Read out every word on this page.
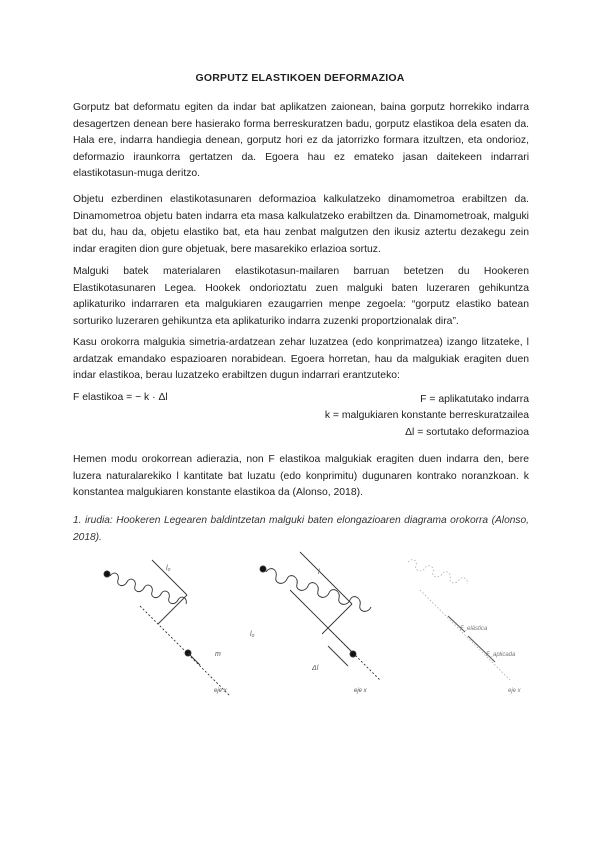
GORPUTZ ELASTIKOEN DEFORMAZIOA

Gorputz bat deformatu egiten da indar bat aplikatzen zaionean, baina gorputz horrekiko indarra desagertzen denean bere hasierako forma berreskuratzen badu, gorputz elastikoa dela esaten da. Hala ere, indarra handiegia denean, gorputz hori ez da jatorrizko formara itzultzen, eta ondorioz, deformazio iraunkorra gertatzen da. Egoera hau ez emateko jasan daitekeen indarrari elastikotasun-muga deritzo.

Objetu ezberdinen elastikotasunaren deformazioa kalkulatzeko dinamometroa erabiltzen da. Dinamometroa objetu baten indarra eta masa kalkulatzeko erabiltzen da. Dinamometroak, malguki bat du, hau da, objetu elastiko bat, eta hau zenbat malgutzen den ikusiz aztertu dezakegu zein indar eragiten dion gure objetuak, bere masarekiko erlazioa sortuz.

Malguki batek materialaren elastikotasun-mailaren barruan betetzen du Hookeren Elastikotasunaren Legea. Hookek ondorioztatu zuen malguki baten luzeraren gehikuntza aplikaturiko indarraren eta malgukiaren ezaugarrien menpe zegoela: “gorputz elastiko batean sorturiko luzeraren gehikuntza eta aplikaturiko indarra zuzenki proportzionalak dira”.

Kasu orokorra malgukia simetria-ardatzean zehar luzatzea (edo konprimatzea) izango litzateke, l ardatzak emandako espazioaren norabidean. Egoera horretan, hau da malgukiak eragiten duen indar elastikoa, berau luzatzeko erabiltzen dugun indarrari erantzuteko:

F elastikoa = − k · Δl	F = aplikatutako indarra
k = malgukiaren konstante berreskuratzailea
Δl = sortutako deformazioa

Hemen modu orokorrean adierazia, non F elastikoa malgukiak eragiten duen indarra den, bere luzera naturalarekiko l kantitate bat luzatu (edo konprimitu) dugunaren kontrako noranzkoan. k konstantea malgukiaren konstante elastikoa da (Alonso, 2018).

1. irudia: Hookeren Legearen baldintzetan malguki baten elongazioaren diagrama orokorra (Alonso, 2018).
l₀
m
eje x
l
l₀
Δl
eje x
F_elástica
F_aplicada
eje x
